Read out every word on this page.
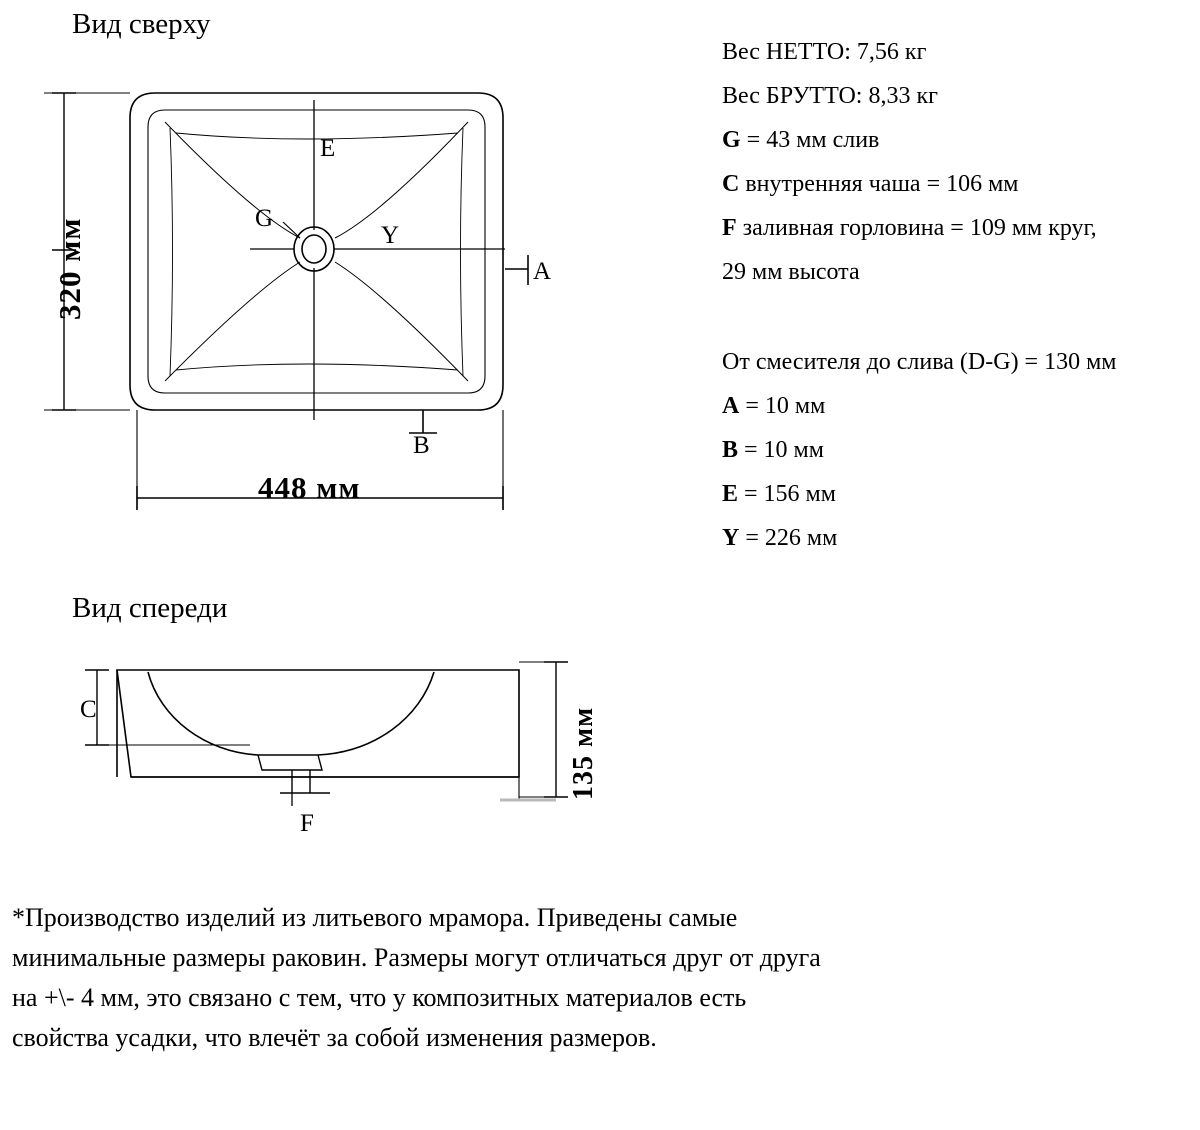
Вид сверху
Вид спереди
320 мм
448 мм
135 мм
E
G
Y
A
B
C
F
Вес НЕТТО: 7,56 кг
Вес БРУТТО: 8,33 кг
G = 43 мм слив
C внутренняя чаша = 106 мм
F заливная горловина = 109 мм круг,
29 мм высота
От смесителя до слива (D-G) = 130 мм
A = 10 мм
B = 10 мм
E = 156 мм
Y = 226 мм
*Производство изделий из литьевого мрамора. Приведены самые минимальные размеры раковин. Размеры могут отличаться друг от друга на +\- 4 мм, это связано с тем, что у композитных материалов есть свойства усадки, что влечёт за собой изменения размеров.
